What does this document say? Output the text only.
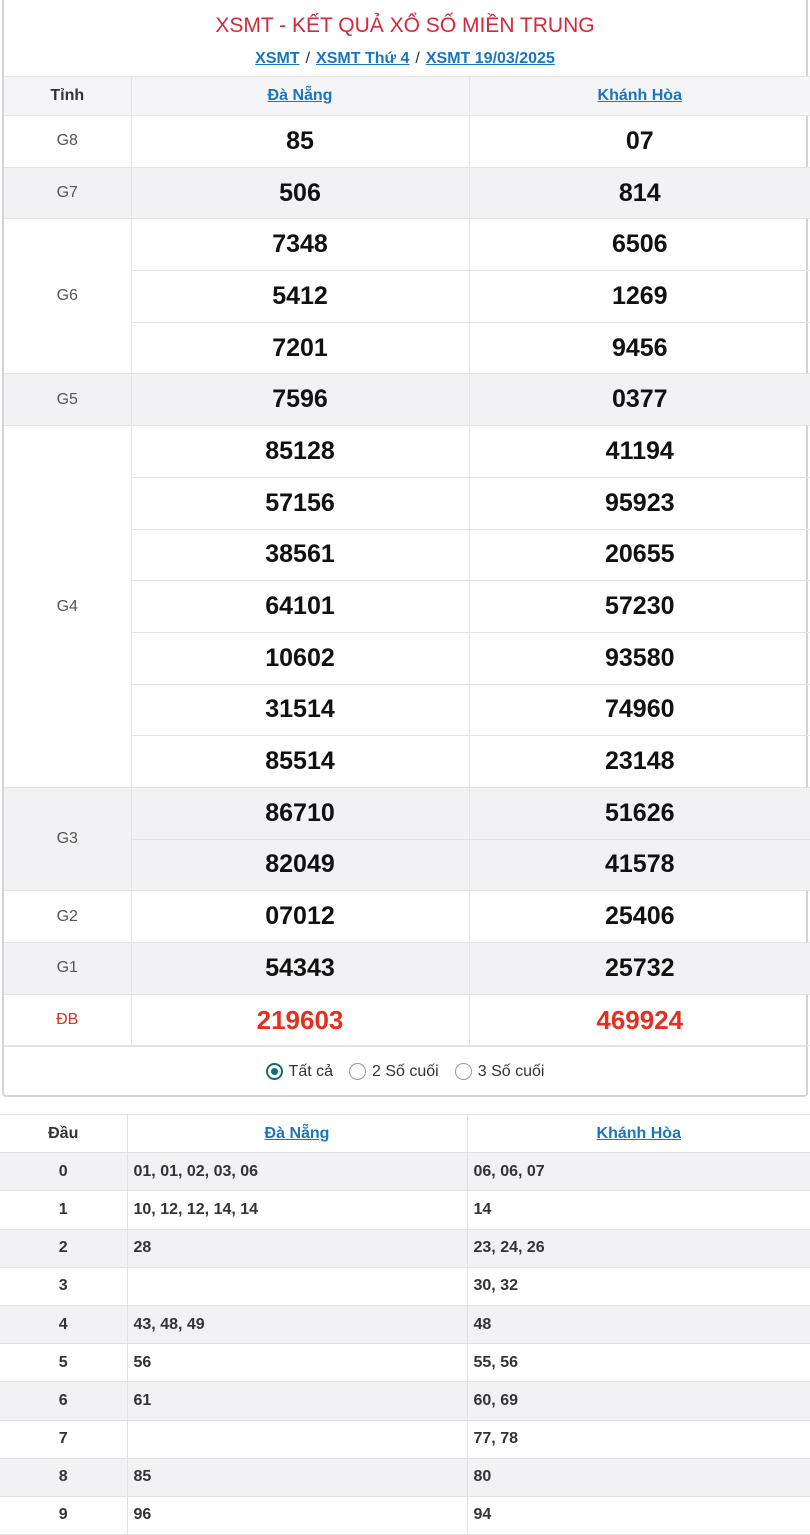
XSMT - KẾT QUẢ XỔ SỐ MIỀN TRUNG
XSMT / XSMT Thứ 4 / XSMT 19/03/2025
Tỉnh	Đà Nẵng	Khánh Hòa
G8	85	07
G7	506	814
G6	7348	6506
	5412	1269
	7201	9456
G5	7596	0377
G4	85128	41194
	57156	95923
	38561	20655
	64101	57230
	10602	93580
	31514	74960
	85514	23148
G3	86710	51626
	82049	41578
G2	07012	25406
G1	54343	25732
ĐB	219603	469924
Tất cả 2 Số cuối 3 Số cuối
Đầu	Đà Nẵng	Khánh Hòa
0	01, 01, 02, 03, 06	06, 06, 07
1	10, 12, 12, 14, 14	14
2	28	23, 24, 26
3		30, 32
4	43, 48, 49	48
5	56	55, 56
6	61	60, 69
7		77, 78
8	85	80
9	96	94
